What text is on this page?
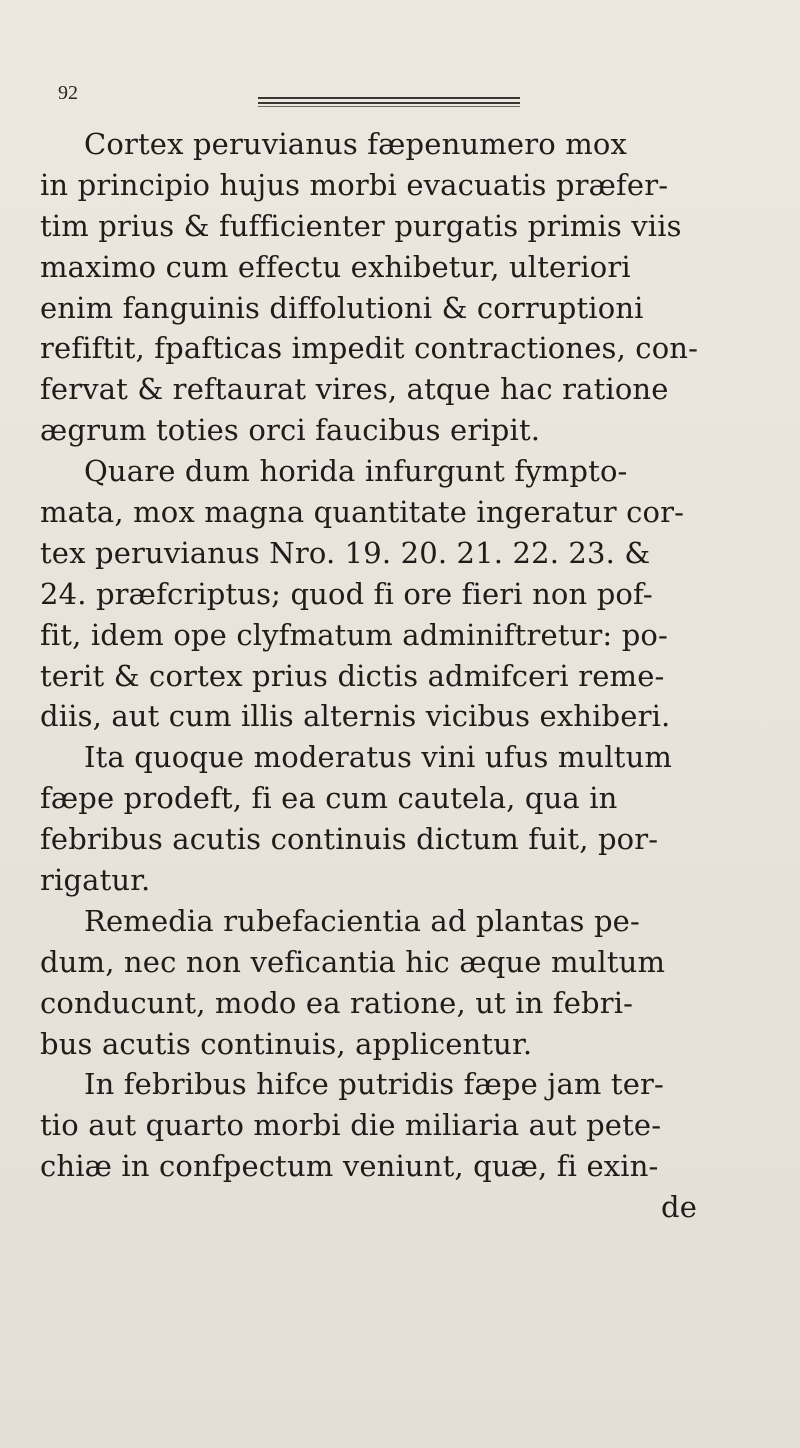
92
Cortex peruvianus fæpenumero mox
in principio hujus morbi evacuatis præfer-
tim prius & fufficienter purgatis primis viis
maximo cum effectu exhibetur, ulteriori
enim fanguinis diffolutioni & corruptioni
refiftit, fpafticas impedit contractiones, con-
fervat & reftaurat vires, atque hac ratione
ægrum toties orci faucibus eripit.
Quare dum horida infurgunt fympto-
mata, mox magna quantitate ingeratur cor-
tex peruvianus Nro. 19. 20. 21. 22. 23. &
24. præfcriptus; quod fi ore fieri non pof-
fit, idem ope clyfmatum adminiftretur: po-
terit & cortex prius dictis admifceri reme-
diis, aut cum illis alternis vicibus exhiberi.
Ita quoque moderatus vini ufus multum
fæpe prodeft, fi ea cum cautela, qua in
febribus acutis continuis dictum fuit, por-
rigatur.
Remedia rubefacientia ad plantas pe-
dum, nec non veficantia hic æque multum
conducunt, modo ea ratione, ut in febri-
bus acutis continuis, applicentur.
In febribus hifce putridis fæpe jam ter-
tio aut quarto morbi die miliaria aut pete-
chiæ in confpectum veniunt, quæ, fi exin-
de
